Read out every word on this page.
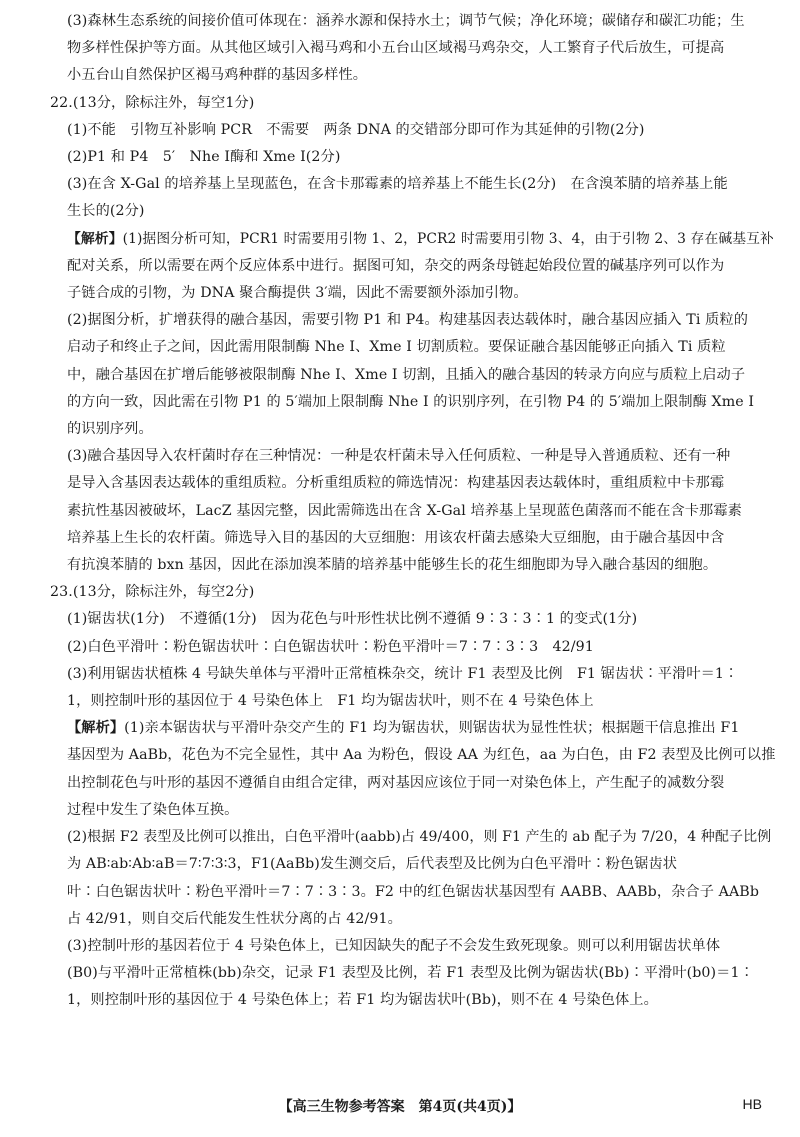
(3)森林生态系统的间接价值可体现在：涵养水源和保持水土；调节气候；净化环境；碳储存和碳汇功能；生
物多样性保护等方面。从其他区域引入褐马鸡和小五台山区域褐马鸡杂交，人工繁育子代后放生，可提高
小五台山自然保护区褐马鸡种群的基因多样性。
22.(13分，除标注外，每空1分)
(1)不能　引物互补影响 PCR　不需要　两条 DNA 的交错部分即可作为其延伸的引物(2分)
(2)P1 和 P4　5′　Nhe Ⅰ酶和 Xme Ⅰ(2分)
(3)在含 X-Gal 的培养基上呈现蓝色，在含卡那霉素的培养基上不能生长(2分)　在含溴苯腈的培养基上能
生长的(2分)
【解析】(1)据图分析可知，PCR1 时需要用引物 1、2，PCR2 时需要用引物 3、4，由于引物 2、3 存在碱基互补
配对关系，所以需要在两个反应体系中进行。据图可知，杂交的两条母链起始段位置的碱基序列可以作为
子链合成的引物，为 DNA 聚合酶提供 3′端，因此不需要额外添加引物。
(2)据图分析，扩增获得的融合基因，需要引物 P1 和 P4。构建基因表达载体时，融合基因应插入 Ti 质粒的
启动子和终止子之间，因此需用限制酶 Nhe Ⅰ、Xme Ⅰ 切割质粒。要保证融合基因能够正向插入 Ti 质粒
中，融合基因在扩增后能够被限制酶 Nhe Ⅰ、Xme Ⅰ 切割，且插入的融合基因的转录方向应与质粒上启动子
的方向一致，因此需在引物 P1 的 5′端加上限制酶 Nhe Ⅰ 的识别序列，在引物 P4 的 5′端加上限制酶 Xme Ⅰ
的识别序列。
(3)融合基因导入农杆菌时存在三种情况：一种是农杆菌未导入任何质粒、一种是导入普通质粒、还有一种
是导入含基因表达载体的重组质粒。分析重组质粒的筛选情况：构建基因表达载体时，重组质粒中卡那霉
素抗性基因被破坏，LacZ 基因完整，因此需筛选出在含 X-Gal 培养基上呈现蓝色菌落而不能在含卡那霉素
培养基上生长的农杆菌。筛选导入目的基因的大豆细胞：用该农杆菌去感染大豆细胞，由于融合基因中含
有抗溴苯腈的 bxn 基因，因此在添加溴苯腈的培养基中能够生长的花生细胞即为导入融合基因的细胞。
23.(13分，除标注外，每空2分)
(1)锯齿状(1分)　不遵循(1分)　因为花色与叶形性状比例不遵循 9∶3∶3∶1 的变式(1分)
(2)白色平滑叶∶粉色锯齿状叶∶白色锯齿状叶∶粉色平滑叶＝7∶7∶3∶3　42/91
(3)利用锯齿状植株 4 号缺失单体与平滑叶正常植株杂交，统计 F1 表型及比例　F1 锯齿状∶平滑叶＝1∶
1，则控制叶形的基因位于 4 号染色体上　F1 均为锯齿状叶，则不在 4 号染色体上
【解析】(1)亲本锯齿状与平滑叶杂交产生的 F1 均为锯齿状，则锯齿状为显性性状；根据题干信息推出 F1
基因型为 AaBb，花色为不完全显性，其中 Aa 为粉色，假设 AA 为红色，aa 为白色，由 F2 表型及比例可以推
出控制花色与叶形的基因不遵循自由组合定律，两对基因应该位于同一对染色体上，产生配子的减数分裂
过程中发生了染色体互换。
(2)根据 F2 表型及比例可以推出，白色平滑叶(aabb)占 49/400，则 F1 产生的 ab 配子为 7/20，4 种配子比例
为 AB∶ab∶Ab∶aB＝7∶7∶3∶3，F1(AaBb)发生测交后，后代表型及比例为白色平滑叶∶粉色锯齿状
叶∶白色锯齿状叶∶粉色平滑叶＝7∶7∶3∶3。F2 中的红色锯齿状基因型有 AABB、AABb，杂合子 AABb
占 42/91，则自交后代能发生性状分离的占 42/91。
(3)控制叶形的基因若位于 4 号染色体上，已知因缺失的配子不会发生致死现象。则可以利用锯齿状单体
(B0)与平滑叶正常植株(bb)杂交，记录 F1 表型及比例，若 F1 表型及比例为锯齿状(Bb)∶平滑叶(b0)＝1∶
1，则控制叶形的基因位于 4 号染色体上；若 F1 均为锯齿状叶(Bb)，则不在 4 号染色体上。
【高三生物参考答案　第4页(共4页)】	HB
